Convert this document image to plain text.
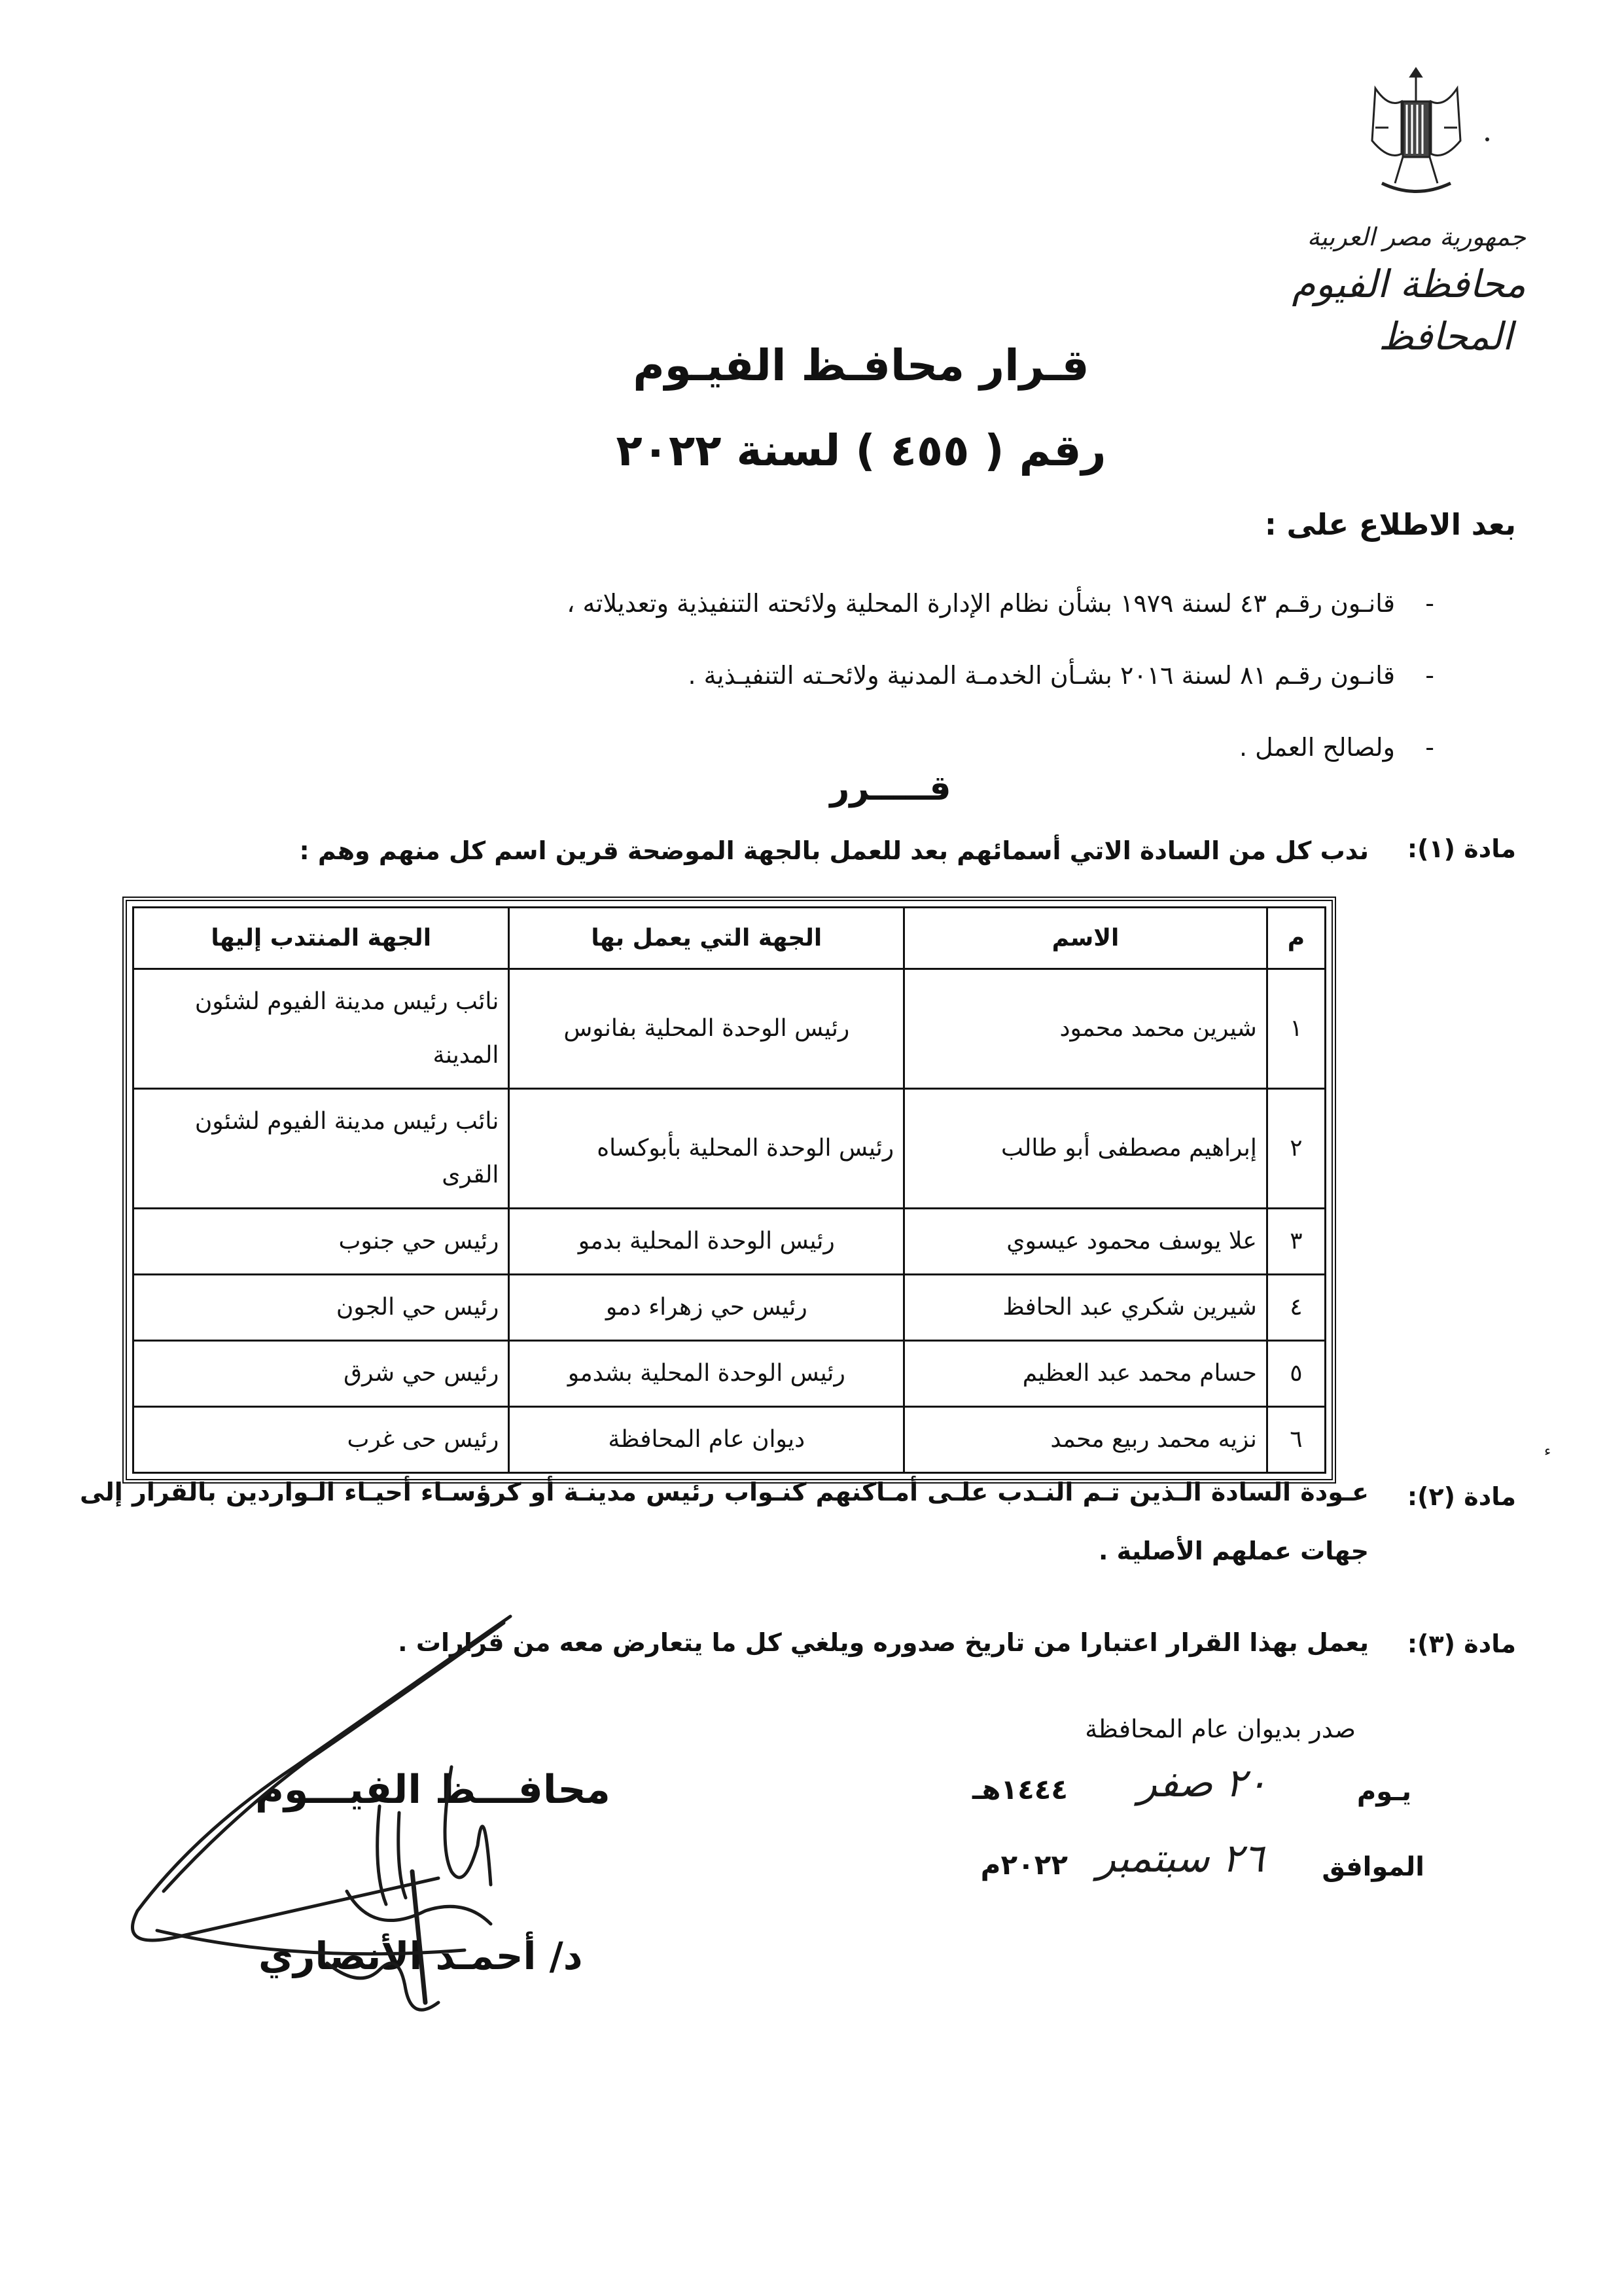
جمهورية مصر العربية
محافظة الفيوم
المحافظ
قـرار محافـظ الفيـوم
رقم ( ٤٥٥ ) لسنة ٢٠٢٢
بعد الاطلاع على :
-قانـون رقـم ٤٣ لسنة ١٩٧٩ بشأن نظام الإدارة المحلية ولائحته التنفيذية وتعديلاته ،
-قانـون رقـم ٨١ لسنة ٢٠١٦ بشـأن الخدمـة المدنية ولائحـته التنفيـذية .
-ولصالح العمل .
قـــــرر
مادة (١):
ندب كل من السادة الاتي أسمائهم بعد للعمل بالجهة الموضحة قرين اسم كل منهم وهم :
م	الاسم	الجهة التي يعمل بها	الجهة المنتدب إليها
١	شيرين محمد محمود	رئيس الوحدة المحلية بفانوس	نائب رئيس مدينة الفيوم لشئون المدينة
٢	إبراهيم مصطفى أبو طالب	رئيس الوحدة المحلية بأبوكساه	نائب رئيس مدينة الفيوم لشئون القرى
٣	علا يوسف محمود عيسوي	رئيس الوحدة المحلية بدمو	رئيس حي جنوب
٤	شيرين شكري عبد الحافظ	رئيس حي زهراء دمو	رئيس حي الجون
٥	حسام محمد عبد العظيم	رئيس الوحدة المحلية بشدمو	رئيس حي شرق
٦	نزيه محمد ربيع محمد	ديوان عام المحافظة	رئيس حى غرب	ء
مادة (٢):
عـودة السادة الـذين تـم النـدب علـى أمـاكنهم كنـواب رئيس مدينـة أو كرؤسـاء أحيـاء الـواردين بالقرار إلى جهات عملهم الأصلية .
مادة (٣):
يعمل بهذا القرار اعتبارا من تاريخ صدوره ويلغي كل ما يتعارض معه من قرارات .
صدر بديوان عام المحافظة
يـوم
٢٠ صفر
١٤٤٤هـ
الموافق
٢٦ سبتمبر
٢٠٢٢م
محافـــظ الفيـــوم
د/ أحمـد الأنصاري
